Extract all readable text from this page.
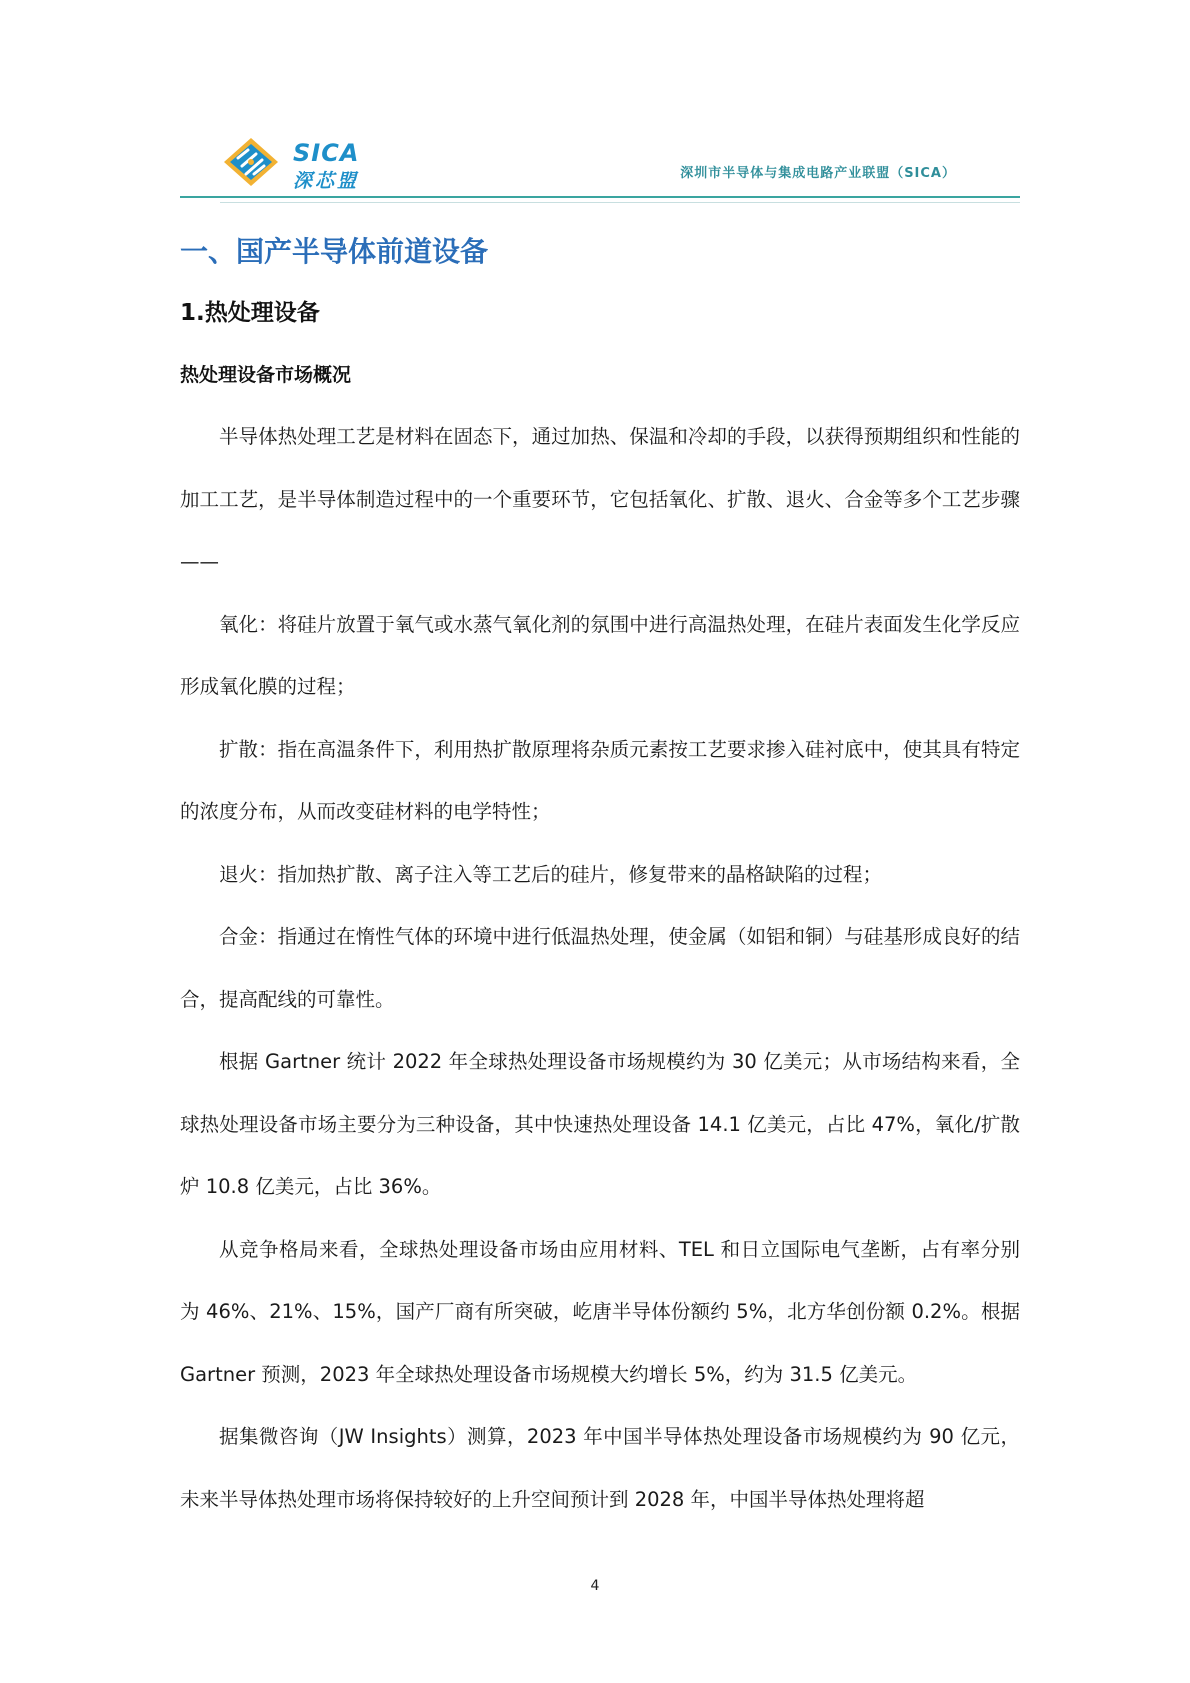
SICA
深芯盟	深圳市半导体与集成电路产业联盟（SICA）
一、国产半导体前道设备
1.热处理设备
热处理设备市场概况

半导体热处理工艺是材料在固态下，通过加热、保温和冷却的手段，以获得预期组织和性能的加工工艺，是半导体制造过程中的一个重要环节，它包括氧化、扩散、退火、合金等多个工艺步骤——

氧化：将硅片放置于氧气或水蒸气氧化剂的氛围中进行高温热处理，在硅片表面发生化学反应形成氧化膜的过程；

扩散：指在高温条件下，利用热扩散原理将杂质元素按工艺要求掺入硅衬底中，使其具有特定的浓度分布，从而改变硅材料的电学特性；

退火：指加热扩散、离子注入等工艺后的硅片，修复带来的晶格缺陷的过程；

合金：指通过在惰性气体的环境中进行低温热处理，使金属（如铝和铜）与硅基形成良好的结合，提高配线的可靠性。

根据 Gartner 统计 2022 年全球热处理设备市场规模约为 30 亿美元；从市场结构来看，全球热处理设备市场主要分为三种设备，其中快速热处理设备 14.1 亿美元，占比 47%，氧化/扩散炉 10.8 亿美元，占比 36%。

从竞争格局来看，全球热处理设备市场由应用材料、TEL 和日立国际电气垄断，占有率分别为 46%、21%、15%，国产厂商有所突破，屹唐半导体份额约 5%，北方华创份额 0.2%。根据 Gartner 预测，2023 年全球热处理设备市场规模大约增长 5%，约为 31.5 亿美元。

据集微咨询（JW Insights）测算，2023 年中国半导体热处理设备市场规模约为 90 亿元，未来半导体热处理市场将保持较好的上升空间预计到 2028 年，中国半导体热处理将超

4
